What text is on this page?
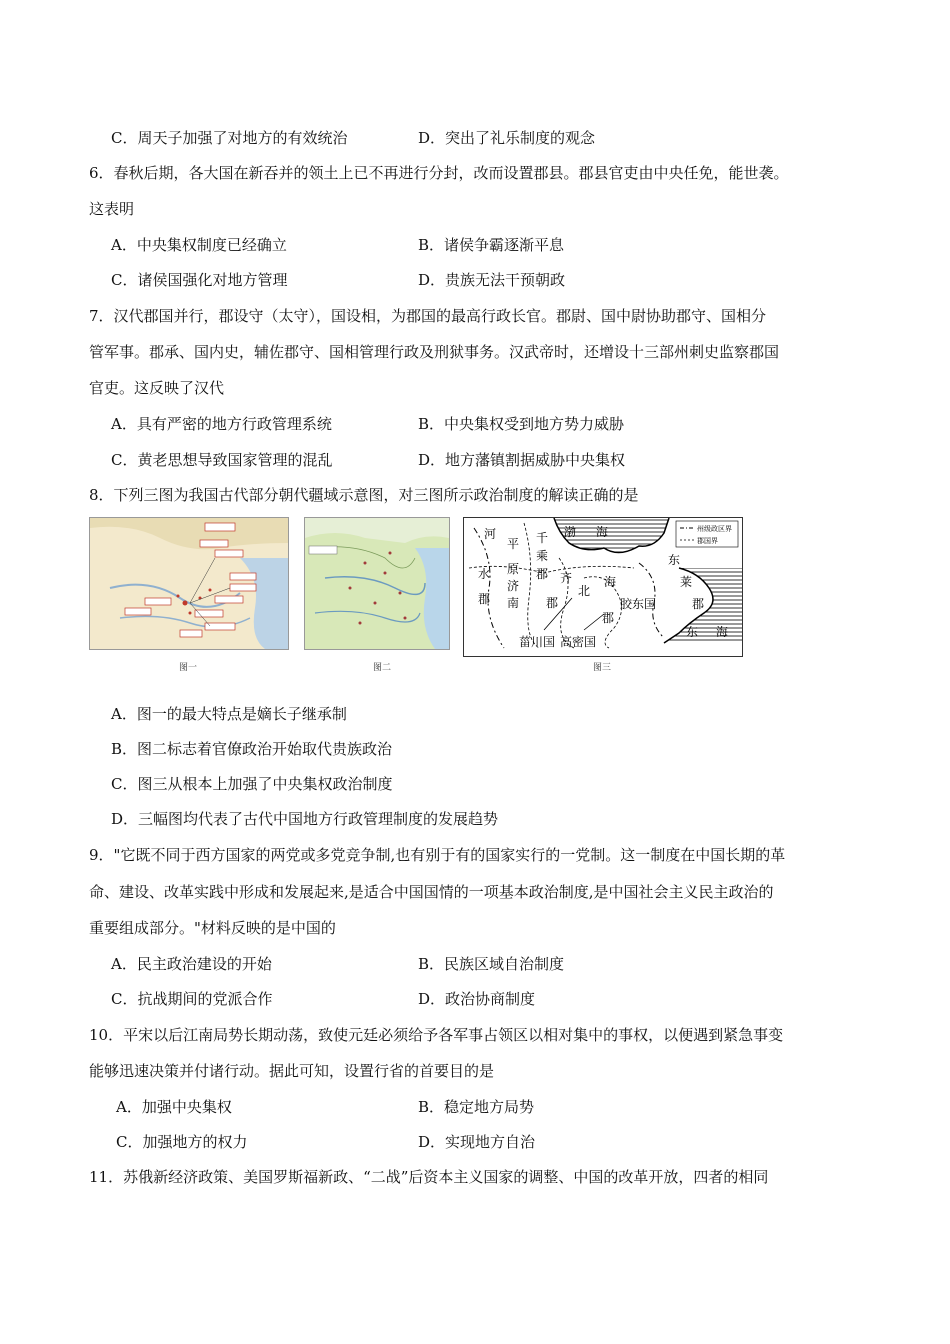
C．周天子加强了对地方的有效统治	D．突出了礼乐制度的观念
6．春秋后期，各大国在新吞并的领土上已不再进行分封，改而设置郡县。郡县官吏由中央任免，能世袭。
这表明
A．中央集权制度已经确立	B．诸侯争霸逐渐平息
C．诸侯国强化对地方管理	D．贵族无法干预朝政
7．汉代郡国并行，郡设守（太守），国设相，为郡国的最高行政长官。郡尉、国中尉协助郡守、国相分
管军事。郡承、国内史，辅佐郡守、国相管理行政及刑狱事务。汉武帝时，还增设十三部州刺史监察郡国
官吏。这反映了汉代
A．具有严密的地方行政管理系统	B．中央集权受到地方势力威胁
C．黄老思想导致国家管理的混乱	D．地方藩镇割据威胁中央集权
8．下列三图为我国古代部分朝代疆域示意图，对三图所示政治制度的解读正确的是
州级政区界
郡国界
河
平 千
乘
郡
渤 海
东
莱
郡
水 原
济
南
郡
齐
北
海
郡	胶东国
郡
菑川国 高密国
东 海
图一	图二	图三
A．图一的最大特点是嫡长子继承制
B．图二标志着官僚政治开始取代贵族政治
C．图三从根本上加强了中央集权政治制度
D．三幅图均代表了古代中国地方行政管理制度的发展趋势
9．"它既不同于西方国家的两党或多党竞争制,也有别于有的国家实行的一党制。这一制度在中国长期的革
命、建设、改革实践中形成和发展起来,是适合中国国情的一项基本政治制度,是中国社会主义民主政治的
重要组成部分。"材料反映的是中国的
A．民主政治建设的开始	B．民族区域自治制度
C．抗战期间的党派合作	D．政治协商制度
10．平宋以后江南局势长期动荡，致使元廷必须给予各军事占领区以相对集中的事权，以便遇到紧急事变
能够迅速决策并付诸行动。据此可知，设置行省的首要目的是
A．加强中央集权	B．稳定地方局势
C．加强地方的权力	D．实现地方自治
11．苏俄新经济政策、美国罗斯福新政、“二战”后资本主义国家的调整、中国的改革开放，四者的相同
